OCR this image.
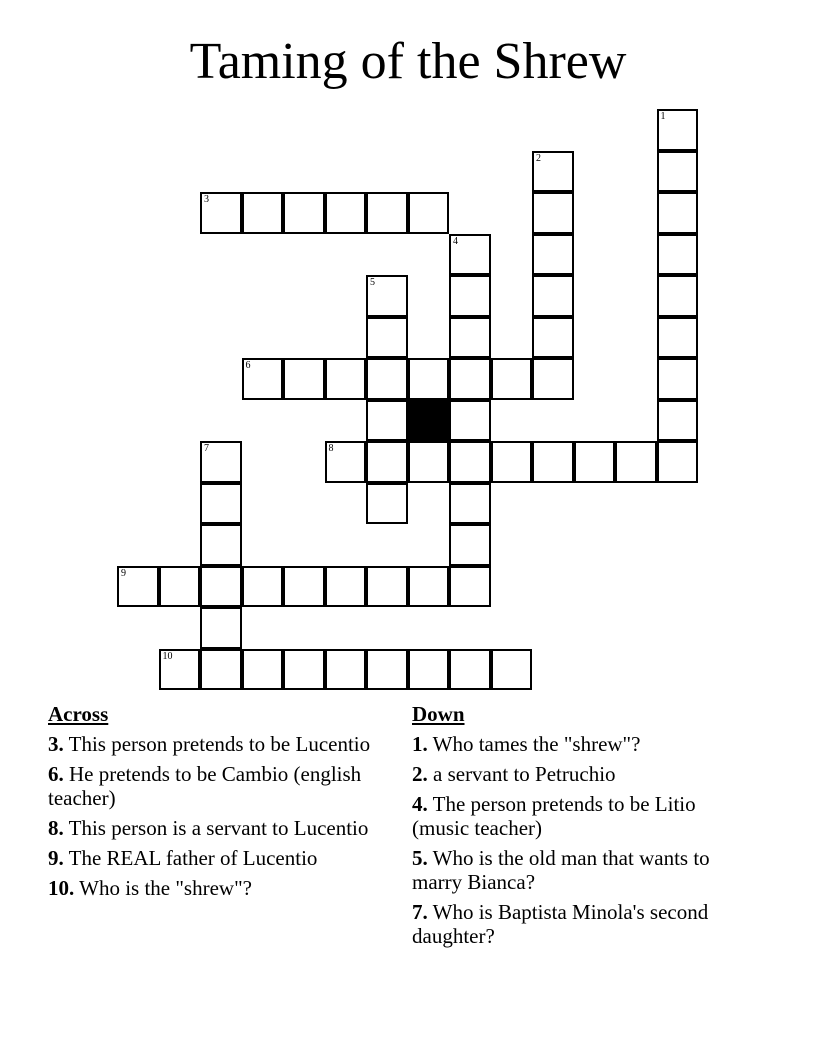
Taming of the Shrew
1
2
3
4
5
6
7	8
9
10
Across
3. This person pretends to be Lucentio
6. He pretends to be Cambio (english teacher)
8. This person is a servant to Lucentio
9. The REAL father of Lucentio
10. Who is the "shrew"?
Down
1. Who tames the "shrew"?
2. a servant to Petruchio
4. The person pretends to be Litio (music teacher)
5. Who is the old man that wants to marry Bianca?
7. Who is Baptista Minola's second daughter?
